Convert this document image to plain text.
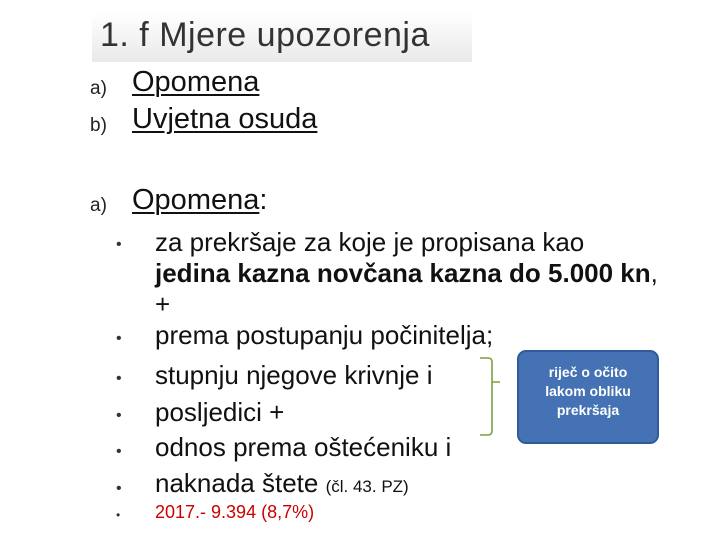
1. f Mjere upozorenja
a) Opomena
b) Uvjetna osuda
a) Opomena:
• za prekršaje za koje je propisana kao
jedina kazna novčana kazna do 5.000 kn,
+
• prema postupanju počinitelja;
• stupnju njegove krivnje i
• posljedici +
• odnos prema oštećeniku i
• naknada štete (čl. 43. PZ)
• 2017.- 9.394 (8,7%)
riječ o očito
lakom obliku
prekršaja
